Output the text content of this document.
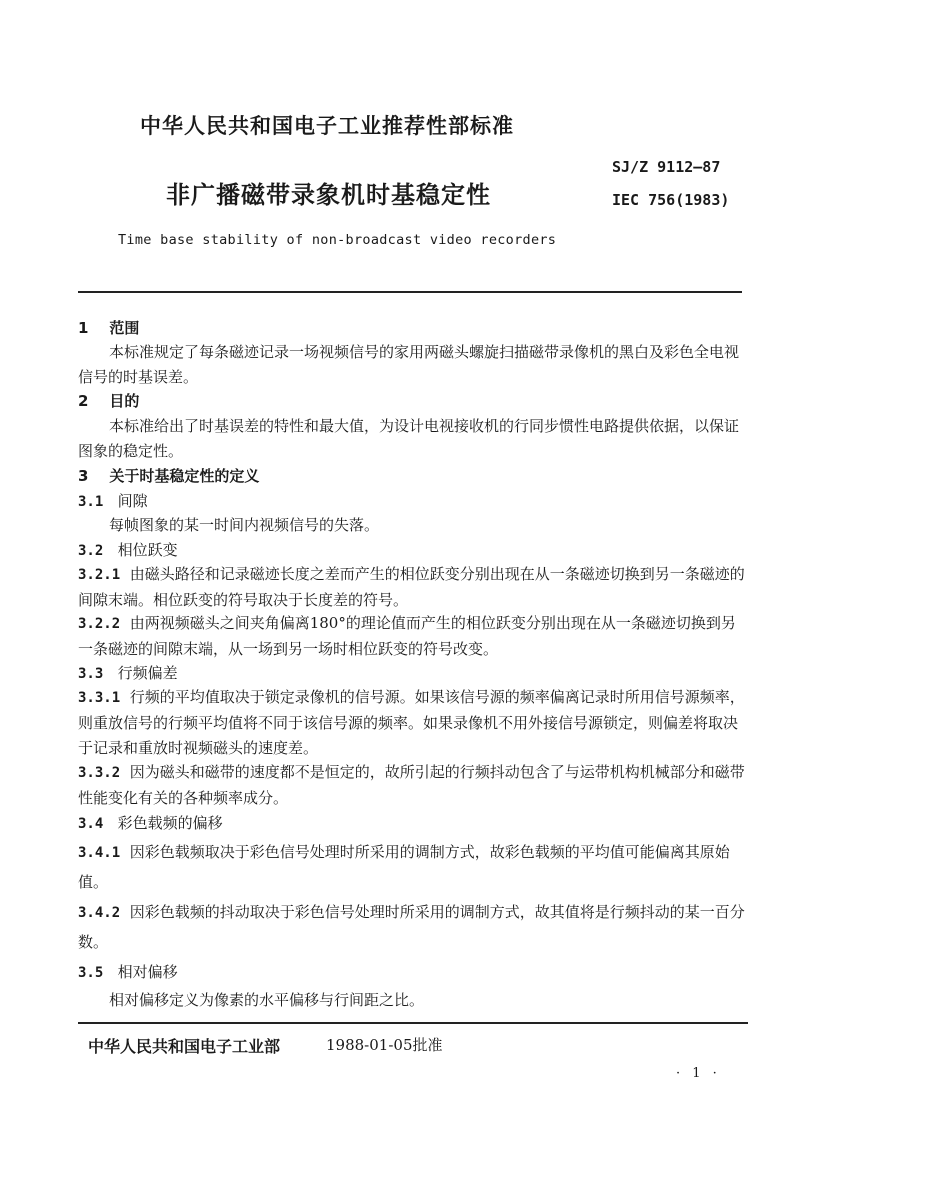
中华人民共和国电子工业推荐性部标准
非广播磁带录象机时基稳定性
SJ/Z 9112—87
IEC 756(1983)
Time base stability of non-broadcast video recorders
1 范围
本标准规定了每条磁迹记录一场视频信号的家用两磁头螺旋扫描磁带录像机的黑白及彩色全电视信号的时基误差。
2 目的
本标准给出了时基误差的特性和最大值，为设计电视接收机的行同步惯性电路提供依据，以保证图象的稳定性。
3 关于时基稳定性的定义
3.1 间隙
每帧图象的某一时间内视频信号的失落。
3.2 相位跃变
3.2.1 由磁头路径和记录磁迹长度之差而产生的相位跃变分别出现在从一条磁迹切换到另一条磁迹的间隙末端。相位跃变的符号取决于长度差的符号。
3.2.2 由两视频磁头之间夹角偏离180°的理论值而产生的相位跃变分别出现在从一条磁迹切换到另一条磁迹的间隙末端，从一场到另一场时相位跃变的符号改变。
3.3 行频偏差
3.3.1 行频的平均值取决于锁定录像机的信号源。如果该信号源的频率偏离记录时所用信号源频率，则重放信号的行频平均值将不同于该信号源的频率。如果录像机不用外接信号源锁定，则偏差将取决于记录和重放时视频磁头的速度差。
3.3.2 因为磁头和磁带的速度都不是恒定的，故所引起的行频抖动包含了与运带机构机械部分和磁带性能变化有关的各种频率成分。
3.4 彩色载频的偏移
3.4.1 因彩色载频取决于彩色信号处理时所采用的调制方式，故彩色载频的平均值可能偏离其原始值。
3.4.2 因彩色载频的抖动取决于彩色信号处理时所采用的调制方式，故其值将是行频抖动的某一百分数。
3.5 相对偏移
相对偏移定义为像素的水平偏移与行间距之比。
中华人民共和国电子工业部	1988-01-05批准
· 1 ·
